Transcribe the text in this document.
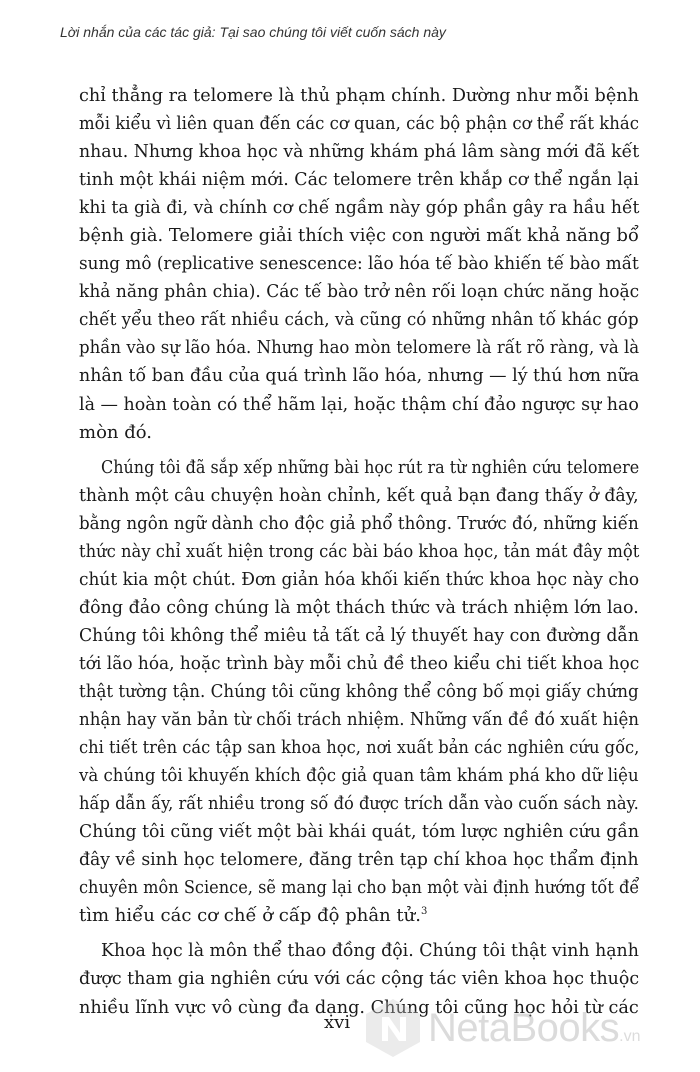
Lời nhắn của các tác giả: Tại sao chúng tôi viết cuốn sách này
chỉ thẳng ra telomere là thủ phạm chính. Dường như mỗi bệnh
mỗi kiểu vì liên quan đến các cơ quan, các bộ phận cơ thể rất khác
nhau. Nhưng khoa học và những khám phá lâm sàng mới đã kết
tinh một khái niệm mới. Các telomere trên khắp cơ thể ngắn lại
khi ta già đi, và chính cơ chế ngầm này góp phần gây ra hầu hết
bệnh già. Telomere giải thích việc con người mất khả năng bổ
sung mô (replicative senescence: lão hóa tế bào khiến tế bào mất
khả năng phân chia). Các tế bào trở nên rối loạn chức năng hoặc
chết yểu theo rất nhiều cách, và cũng có những nhân tố khác góp
phần vào sự lão hóa. Nhưng hao mòn telomere là rất rõ ràng, và là
nhân tố ban đầu của quá trình lão hóa, nhưng — lý thú hơn nữa
là — hoàn toàn có thể hãm lại, hoặc thậm chí đảo ngược sự hao
mòn đó.
Chúng tôi đã sắp xếp những bài học rút ra từ nghiên cứu telomere
thành một câu chuyện hoàn chỉnh, kết quả bạn đang thấy ở đây,
bằng ngôn ngữ dành cho độc giả phổ thông. Trước đó, những kiến
thức này chỉ xuất hiện trong các bài báo khoa học, tản mát đây một
chút kia một chút. Đơn giản hóa khối kiến thức khoa học này cho
đông đảo công chúng là một thách thức và trách nhiệm lớn lao.
Chúng tôi không thể miêu tả tất cả lý thuyết hay con đường dẫn
tới lão hóa, hoặc trình bày mỗi chủ đề theo kiểu chi tiết khoa học
thật tường tận. Chúng tôi cũng không thể công bố mọi giấy chứng
nhận hay văn bản từ chối trách nhiệm. Những vấn đề đó xuất hiện
chi tiết trên các tập san khoa học, nơi xuất bản các nghiên cứu gốc,
và chúng tôi khuyến khích độc giả quan tâm khám phá kho dữ liệu
hấp dẫn ấy, rất nhiều trong số đó được trích dẫn vào cuốn sách này.
Chúng tôi cũng viết một bài khái quát, tóm lược nghiên cứu gần
đây về sinh học telomere, đăng trên tạp chí khoa học thẩm định
chuyên môn Science, sẽ mang lại cho bạn một vài định hướng tốt để
tìm hiểu các cơ chế ở cấp độ phân tử.$^3$
Khoa học là môn thể thao đồng đội. Chúng tôi thật vinh hạnh
được tham gia nghiên cứu với các cộng tác viên khoa học thuộc
nhiều lĩnh vực vô cùng đa dạng. Chúng tôi cũng học hỏi từ các
xvi NetaBooks .vn
